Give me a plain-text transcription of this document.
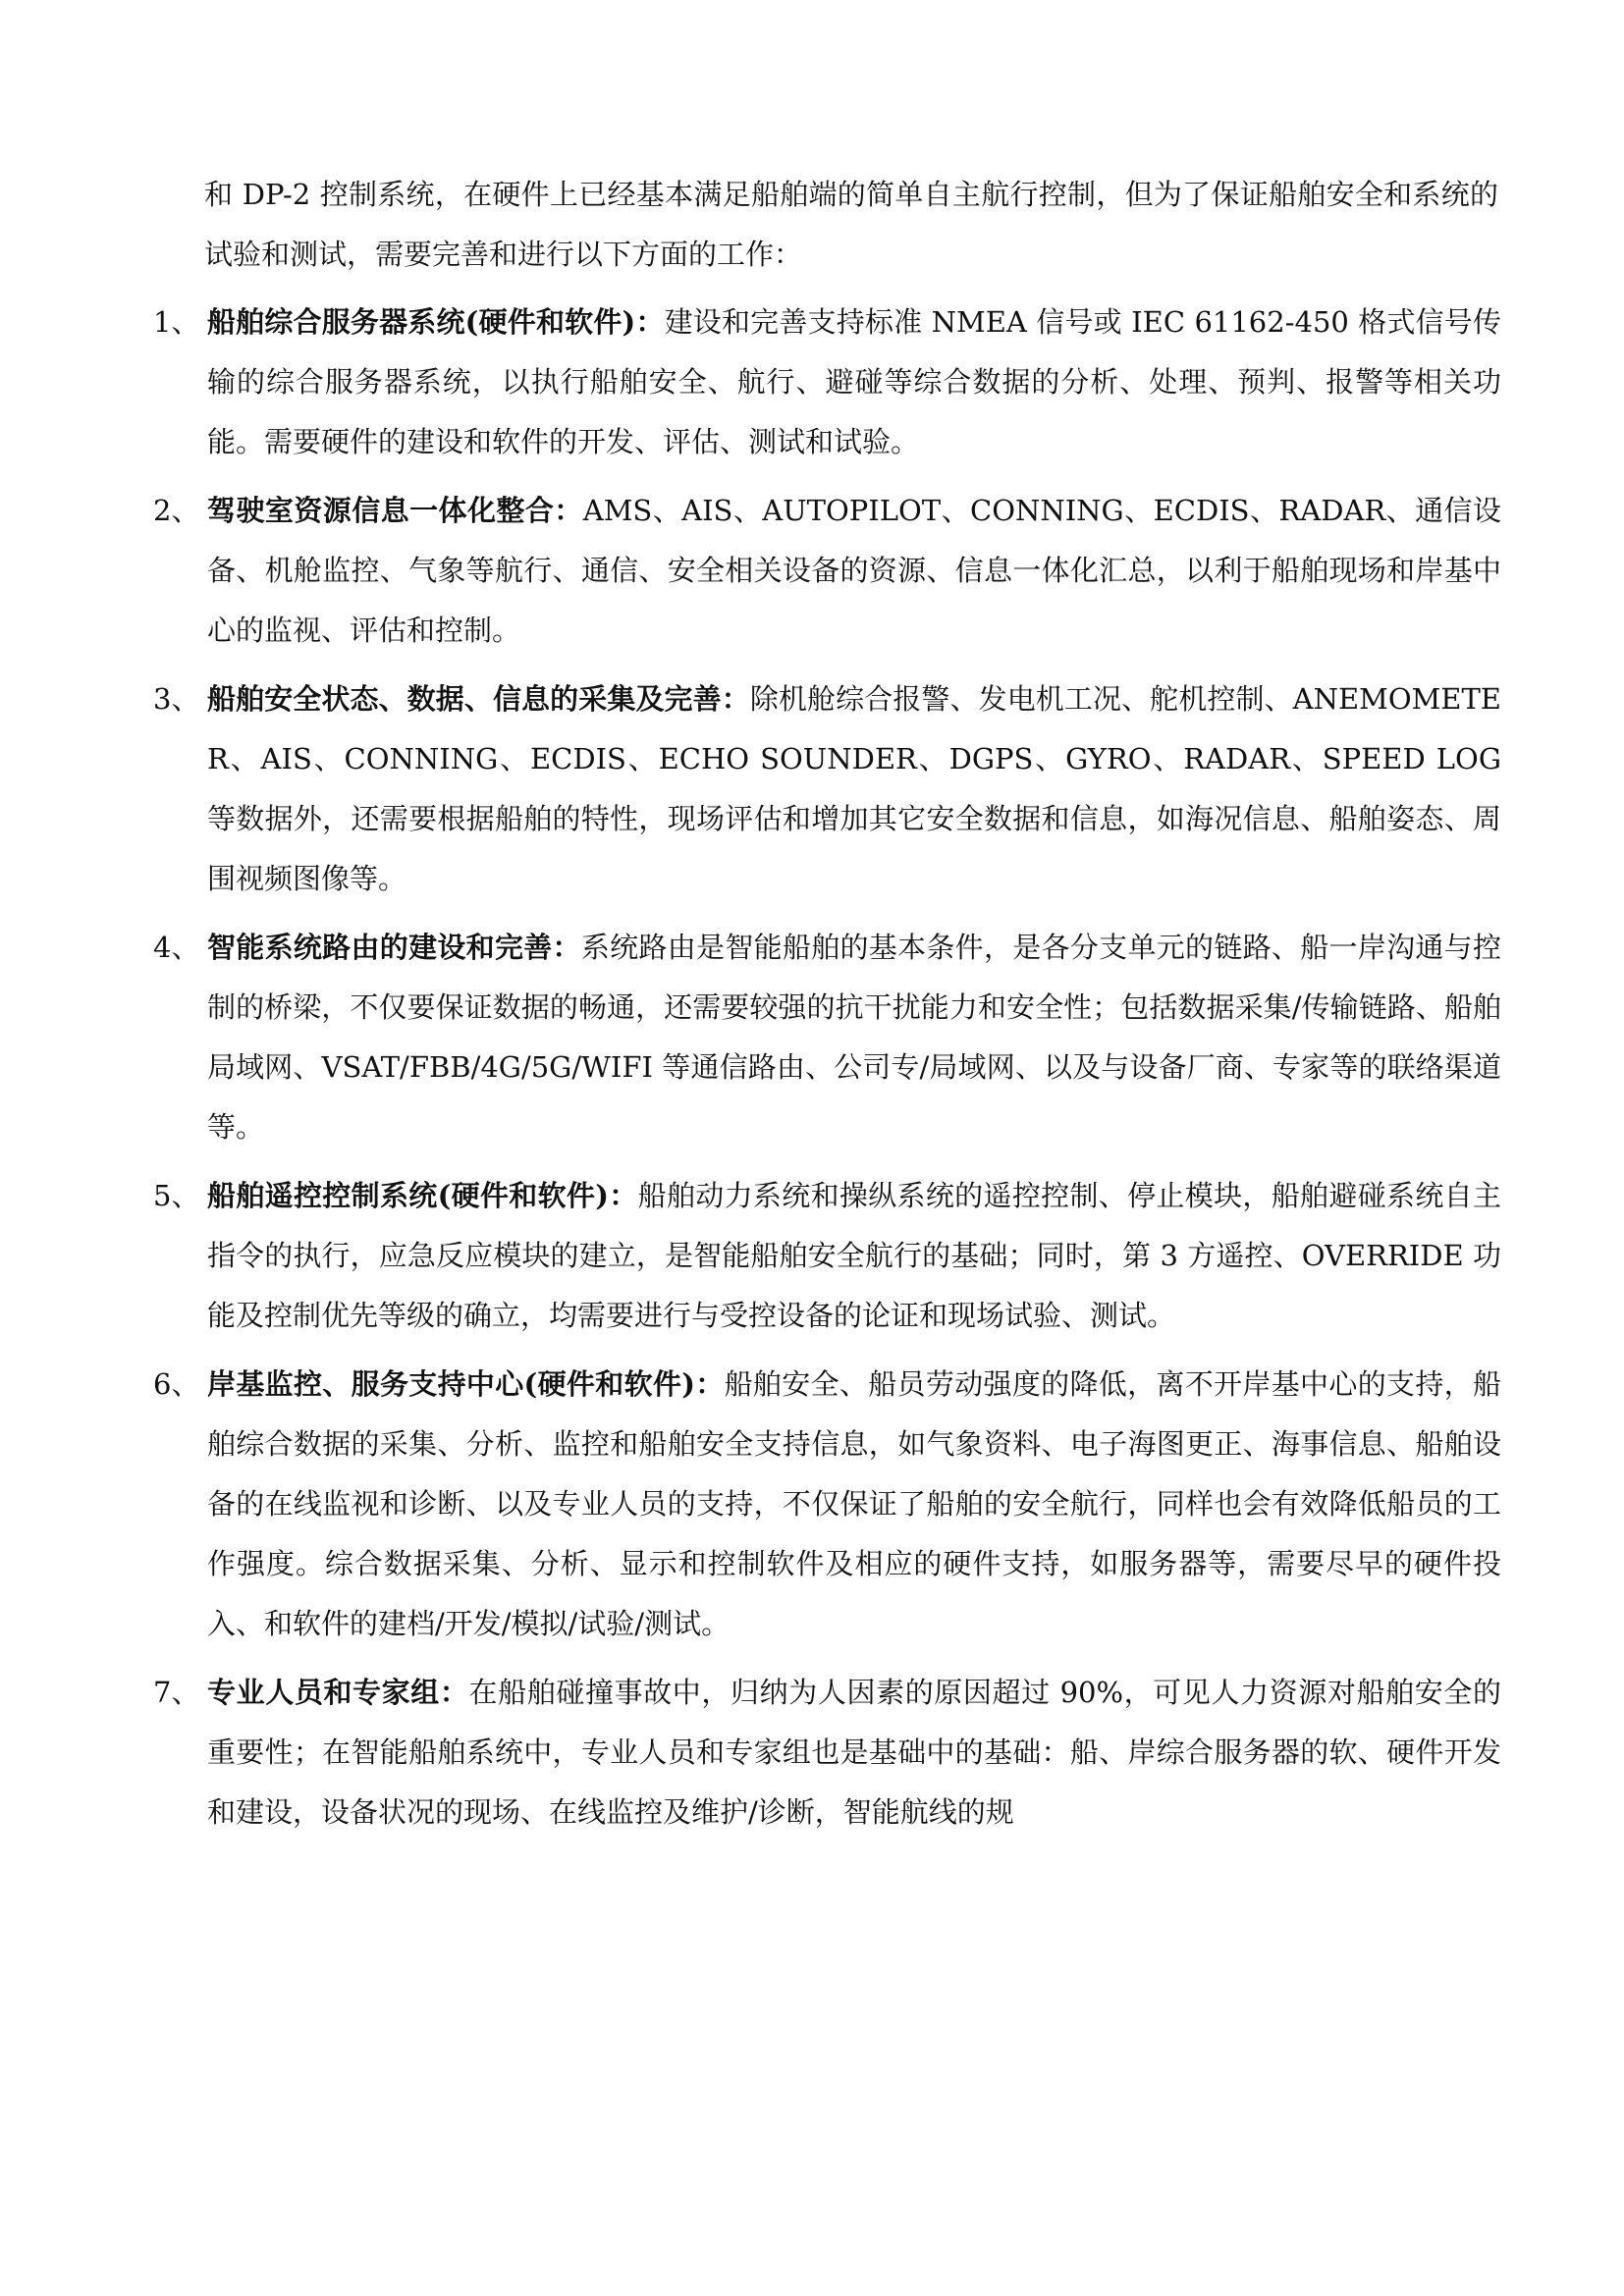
和 DP-2 控制系统，在硬件上已经基本满足船舶端的简单自主航行控制，但为了保证船舶安全和系统的试验和测试，需要完善和进行以下方面的工作：
1、 船舶综合服务器系统(硬件和软件)：建设和完善支持标准 NMEA 信号或 IEC 61162-450 格式信号传输的综合服务器系统，以执行船舶安全、航行、避碰等综合数据的分析、处理、预判、报警等相关功能。需要硬件的建设和软件的开发、评估、测试和试验。
2、 驾驶室资源信息一体化整合：AMS、AIS、AUTOPILOT、CONNING、ECDIS、RADAR、通信设备、机舱监控、气象等航行、通信、安全相关设备的资源、信息一体化汇总，以利于船舶现场和岸基中心的监视、评估和控制。
3、 船舶安全状态、数据、信息的采集及完善：除机舱综合报警、发电机工况、舵机控制、ANEMOMETER、AIS、CONNING、ECDIS、ECHO SOUNDER、DGPS、GYRO、RADAR、SPEED LOG 等数据外，还需要根据船舶的特性，现场评估和增加其它安全数据和信息，如海况信息、船舶姿态、周围视频图像等。
4、 智能系统路由的建设和完善：系统路由是智能船舶的基本条件，是各分支单元的链路、船一岸沟通与控制的桥梁，不仅要保证数据的畅通，还需要较强的抗干扰能力和安全性；包括数据采集/传输链路、船舶局域网、VSAT/FBB/4G/5G/WIFI 等通信路由、公司专/局域网、以及与设备厂商、专家等的联络渠道等。
5、 船舶遥控控制系统(硬件和软件)：船舶动力系统和操纵系统的遥控控制、停止模块，船舶避碰系统自主指令的执行，应急反应模块的建立，是智能船舶安全航行的基础；同时，第 3 方遥控、OVERRIDE 功能及控制优先等级的确立，均需要进行与受控设备的论证和现场试验、测试。
6、 岸基监控、服务支持中心(硬件和软件)：船舶安全、船员劳动强度的降低，离不开岸基中心的支持，船舶综合数据的采集、分析、监控和船舶安全支持信息，如气象资料、电子海图更正、海事信息、船舶设备的在线监视和诊断、以及专业人员的支持，不仅保证了船舶的安全航行，同样也会有效降低船员的工作强度。综合数据采集、分析、显示和控制软件及相应的硬件支持，如服务器等，需要尽早的硬件投入、和软件的建档/开发/模拟/试验/测试。
7、 专业人员和专家组：在船舶碰撞事故中，归纳为人因素的原因超过 90%，可见人力资源对船舶安全的重要性；在智能船舶系统中，专业人员和专家组也是基础中的基础：船、岸综合服务器的软、硬件开发和建设，设备状况的现场、在线监控及维护/诊断，智能航线的规
